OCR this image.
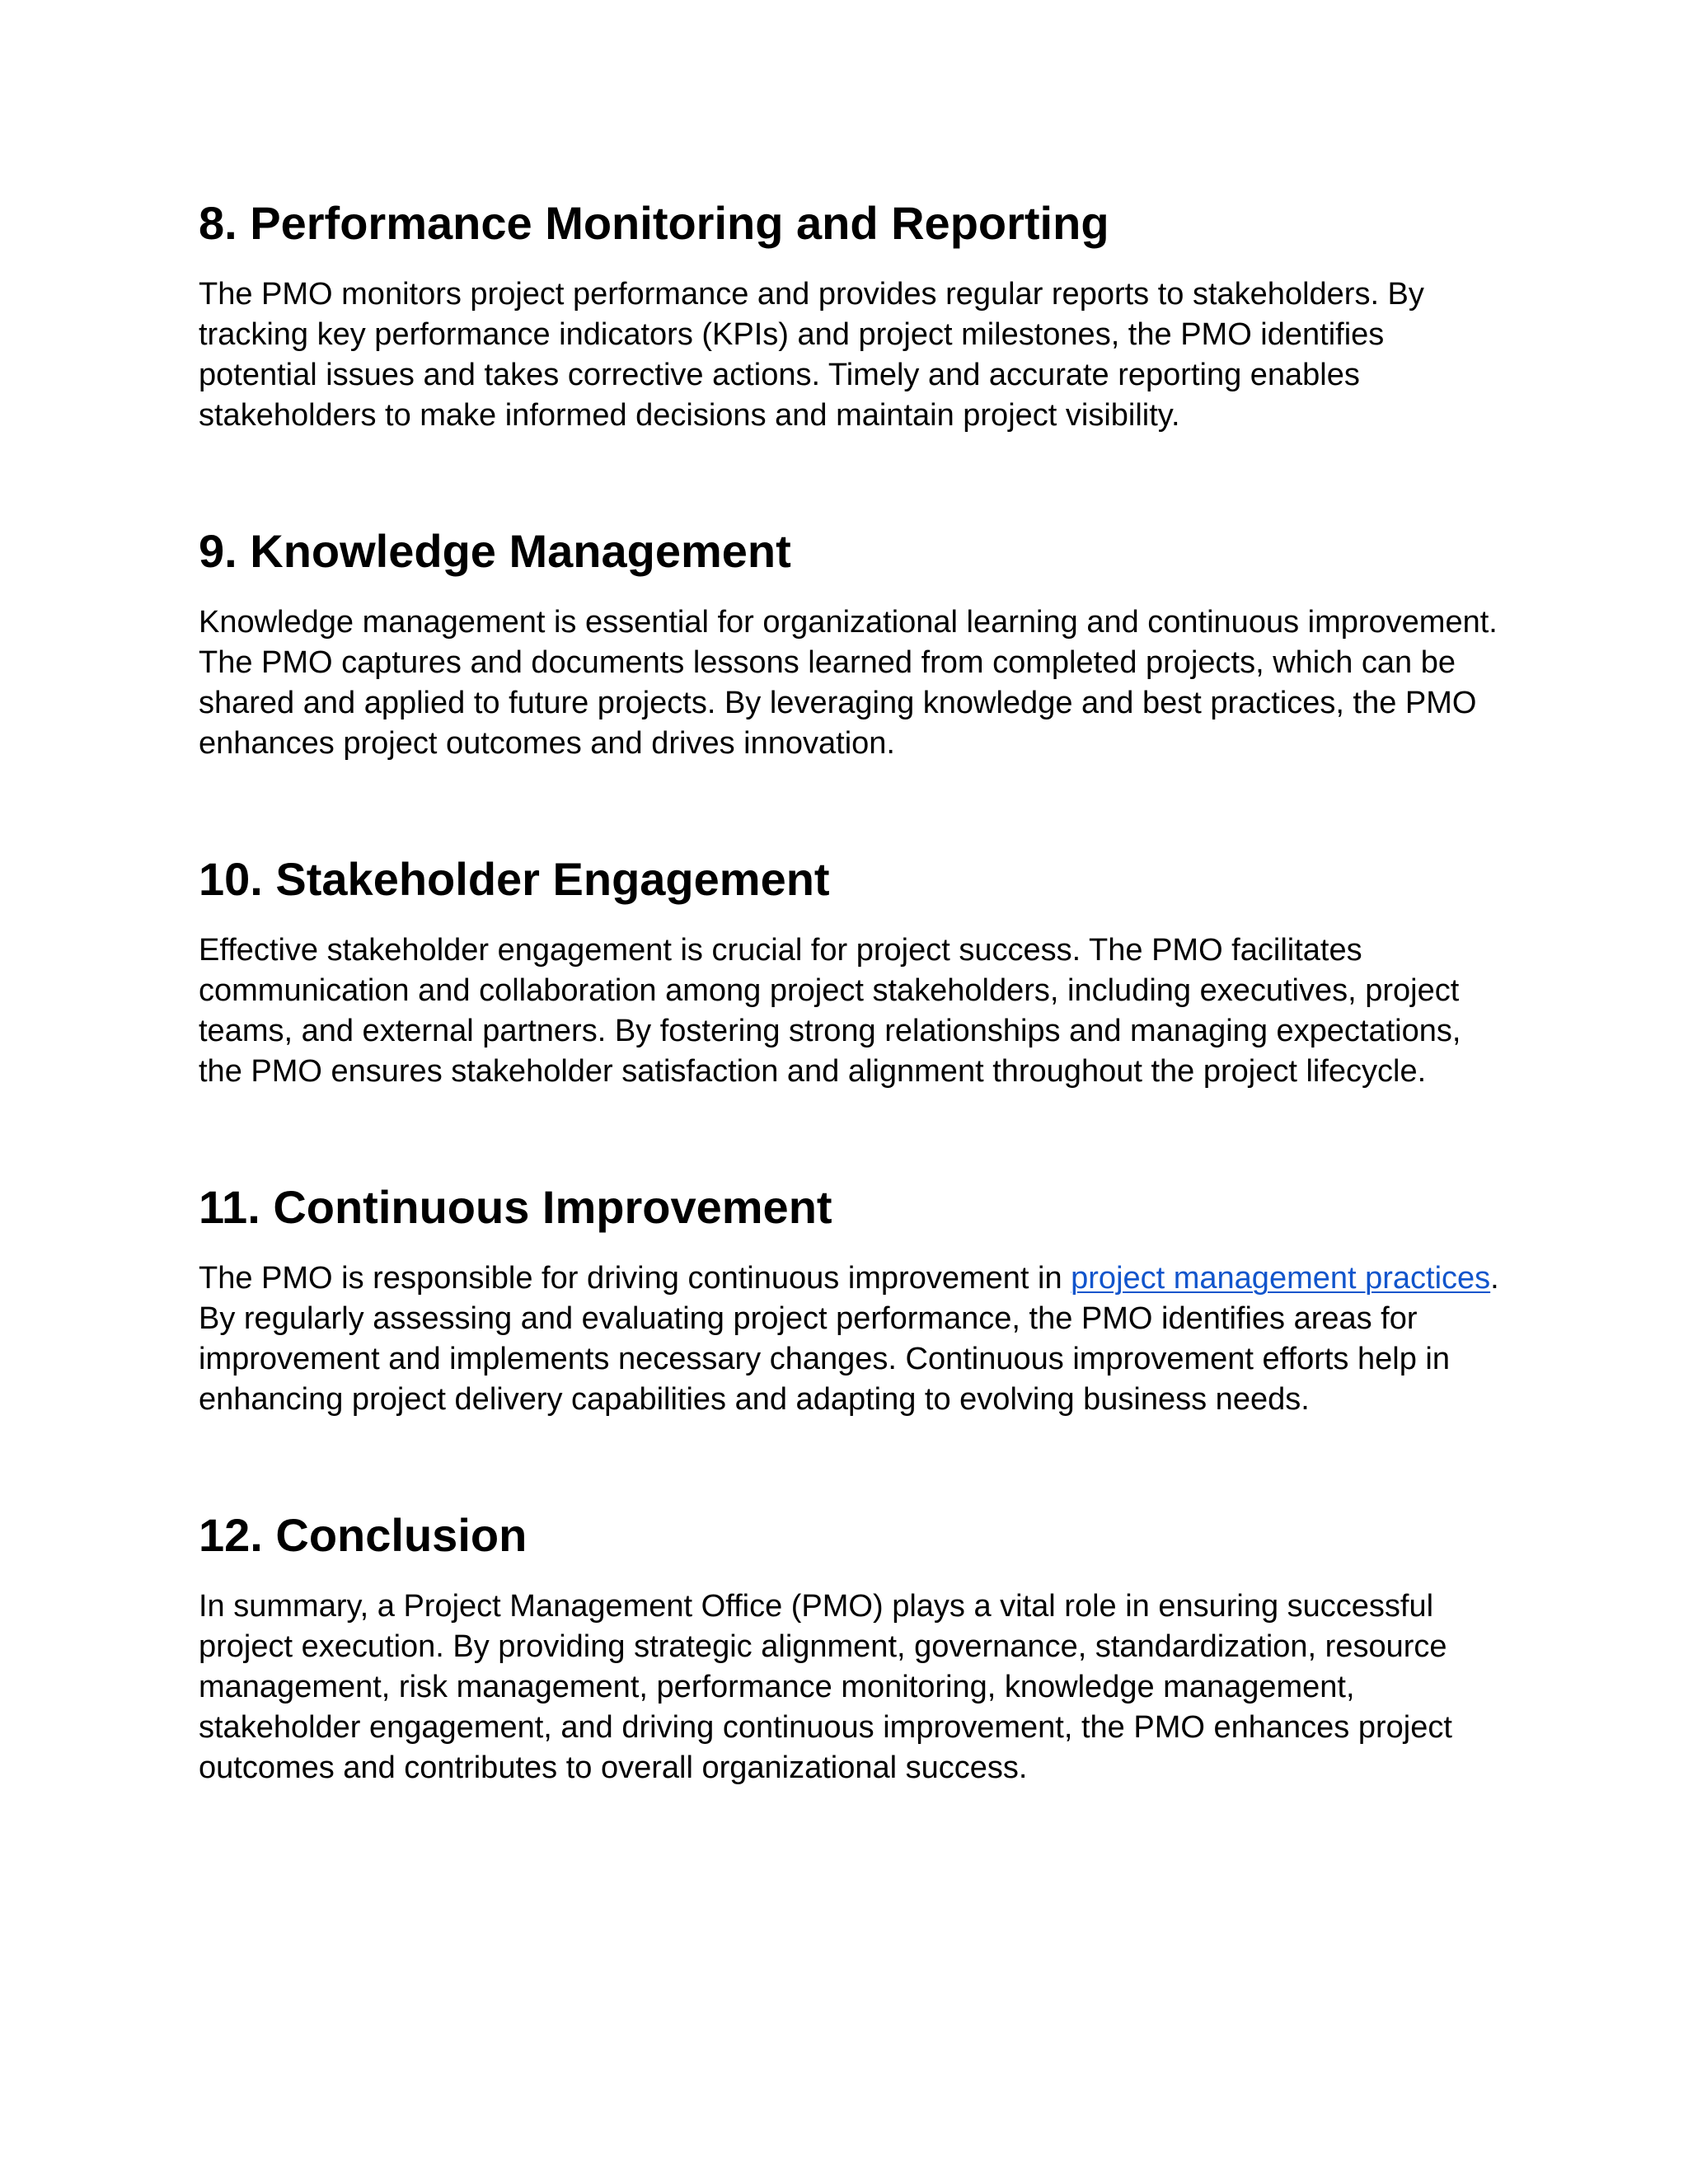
8. Performance Monitoring and Reporting

The PMO monitors project performance and provides regular reports to stakeholders. By tracking key performance indicators (KPIs) and project milestones, the PMO identifies potential issues and takes corrective actions. Timely and accurate reporting enables stakeholders to make informed decisions and maintain project visibility.

9. Knowledge Management

Knowledge management is essential for organizational learning and continuous improvement. The PMO captures and documents lessons learned from completed projects, which can be shared and applied to future projects. By leveraging knowledge and best practices, the PMO enhances project outcomes and drives innovation.

10. Stakeholder Engagement

Effective stakeholder engagement is crucial for project success. The PMO facilitates communication and collaboration among project stakeholders, including executives, project teams, and external partners. By fostering strong relationships and managing expectations, the PMO ensures stakeholder satisfaction and alignment throughout the project lifecycle.

11. Continuous Improvement

The PMO is responsible for driving continuous improvement in project management practices. By regularly assessing and evaluating project performance, the PMO identifies areas for improvement and implements necessary changes. Continuous improvement efforts help in enhancing project delivery capabilities and adapting to evolving business needs.

12. Conclusion

In summary, a Project Management Office (PMO) plays a vital role in ensuring successful project execution. By providing strategic alignment, governance, standardization, resource management, risk management, performance monitoring, knowledge management, stakeholder engagement, and driving continuous improvement, the PMO enhances project outcomes and contributes to overall organizational success.
